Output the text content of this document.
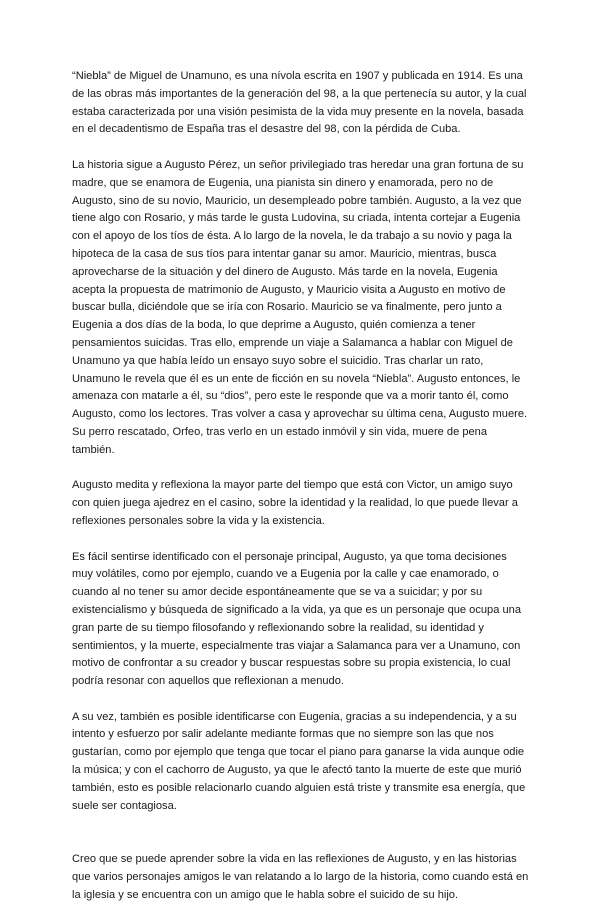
“Niebla” de Miguel de Unamuno, es una nívola escrita en 1907 y publicada en 1914. Es una de las obras más importantes de la generación del 98, a la que pertenecía su autor, y la cual estaba caracterizada por una visión pesimista de la vida muy presente en la novela, basada en el decadentismo de España tras el desastre del 98, con la pérdida de Cuba.

La historia sigue a Augusto Pérez, un señor privilegiado tras heredar una gran fortuna de su madre, que se enamora de Eugenia, una pianista sin dinero y enamorada, pero no de Augusto, sino de su novio, Mauricio, un desempleado pobre también. Augusto, a la vez que tiene algo con Rosario, y más tarde le gusta Ludovina, su criada, intenta cortejar a Eugenia con el apoyo de los tíos de ésta. A lo largo de la novela, le da trabajo a su novio y paga la hipoteca de la casa de sus tíos para intentar ganar su amor. Mauricio, mientras, busca aprovecharse de la situación y del dinero de Augusto. Más tarde en la novela, Eugenia acepta la propuesta de matrimonio de Augusto, y Mauricio visita a Augusto en motivo de buscar bulla, diciéndole que se iría con Rosario. Mauricio se va finalmente, pero junto a Eugenia a dos días de la boda, lo que deprime a Augusto, quién comienza a tener pensamientos suicidas. Tras ello, emprende un viaje a Salamanca a hablar con Miguel de Unamuno ya que había leído un ensayo suyo sobre el suicidio. Tras charlar un rato, Unamuno le revela que él es un ente de ficción en su novela “Niebla”. Augusto entonces, le amenaza con matarle a él, su “dios”, pero este le responde que va a morir tanto él, como Augusto, como los lectores. Tras volver a casa y aprovechar su última cena, Augusto muere. Su perro rescatado, Orfeo, tras verlo en un estado inmóvil y sin vida, muere de pena también.

Augusto medita y reflexiona la mayor parte del tiempo que está con Victor, un amigo suyo con quien juega ajedrez en el casino, sobre la identidad y la realidad, lo que puede llevar a reflexiones personales sobre la vida y la existencia.

Es fácil sentirse identificado con el personaje principal, Augusto, ya que toma decisiones muy volátiles, como por ejemplo, cuando ve a Eugenia por la calle y cae enamorado, o cuando al no tener su amor decide espontáneamente que se va a suicidar; y por su existencialismo y búsqueda de significado a la vida, ya que es un personaje que ocupa una gran parte de su tiempo filosofando y reflexionando sobre la realidad, su identidad y sentimientos, y la muerte, especialmente tras viajar a Salamanca para ver a Unamuno, con motivo de confrontar a su creador y buscar respuestas sobre su propia existencia, lo cual podría resonar con aquellos que reflexionan a menudo.

A su vez, también es posible identificarse con Eugenia, gracias a su independencia, y a su intento y esfuerzo por salir adelante mediante formas que no siempre son las que nos gustarían, como por ejemplo que tenga que tocar el piano para ganarse la vida aunque odie la música; y con el cachorro de Augusto, ya que le afectó tanto la muerte de este que murió también, esto es posible relacionarlo cuando alguien está triste y transmite esa energía, que suele ser contagiosa.

Creo que se puede aprender sobre la vida en las reflexiones de Augusto, y en las historias que varios personajes amigos le van relatando a lo largo de la historia, como cuando está en la iglesia y se encuentra con un amigo que le habla sobre el suicido de su hijo.
